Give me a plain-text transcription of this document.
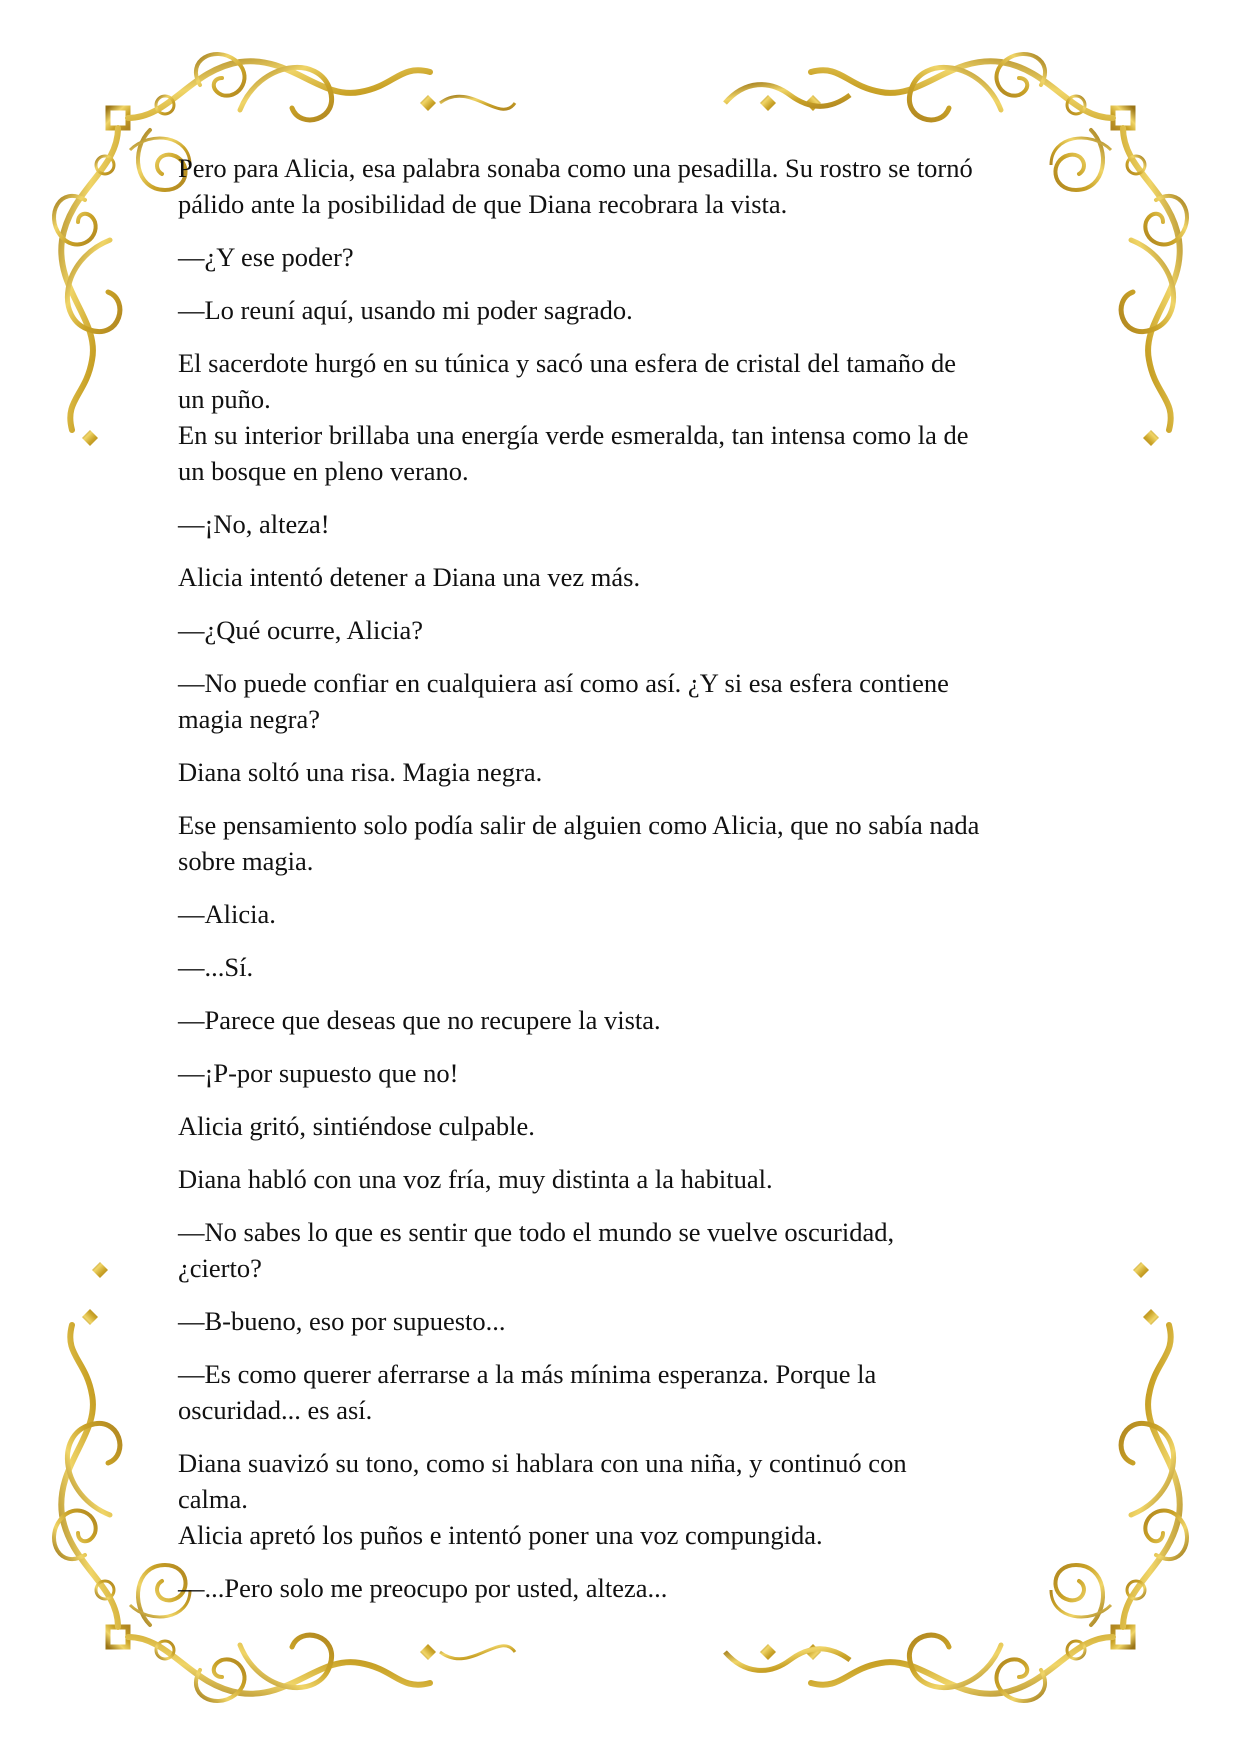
Pero para Alicia, esa palabra sonaba como una pesadilla. Su rostro se tornó
pálido ante la posibilidad de que Diana recobrara la vista.

—¿Y ese poder?

—Lo reuní aquí, usando mi poder sagrado.

El sacerdote hurgó en su túnica y sacó una esfera de cristal del tamaño de
un puño.
En su interior brillaba una energía verde esmeralda, tan intensa como la de
un bosque en pleno verano.

—¡No, alteza!

Alicia intentó detener a Diana una vez más.

—¿Qué ocurre, Alicia?

—No puede confiar en cualquiera así como así. ¿Y si esa esfera contiene
magia negra?

Diana soltó una risa. Magia negra.

Ese pensamiento solo podía salir de alguien como Alicia, que no sabía nada
sobre magia.

—Alicia.

—...Sí.

—Parece que deseas que no recupere la vista.

—¡P-por supuesto que no!

Alicia gritó, sintiéndose culpable.

Diana habló con una voz fría, muy distinta a la habitual.

—No sabes lo que es sentir que todo el mundo se vuelve oscuridad,
¿cierto?

—B-bueno, eso por supuesto...

—Es como querer aferrarse a la más mínima esperanza. Porque la
oscuridad... es así.

Diana suavizó su tono, como si hablara con una niña, y continuó con
calma.
Alicia apretó los puños e intentó poner una voz compungida.

—...Pero solo me preocupo por usted, alteza...
